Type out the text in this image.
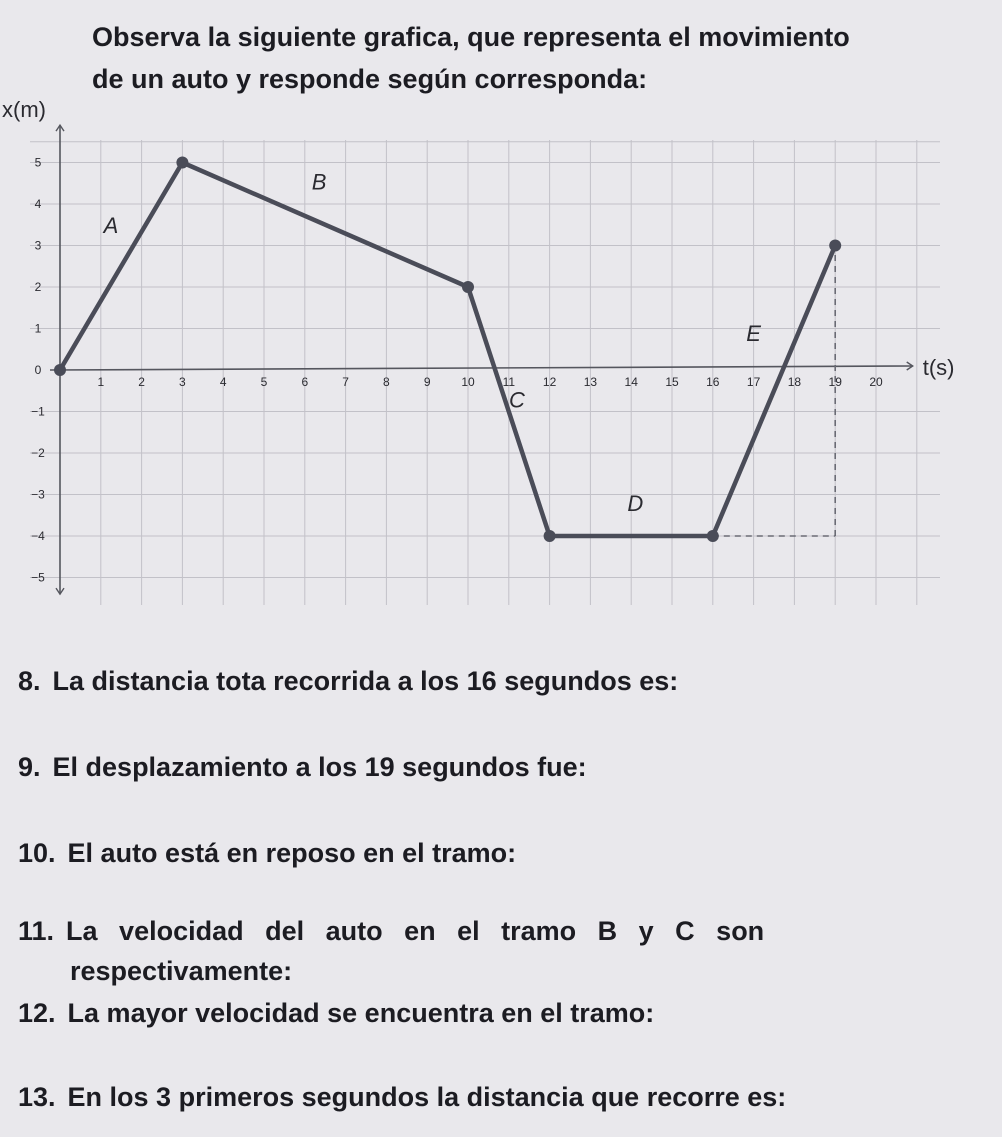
Observa la siguiente grafica, que representa el movimiento
de un auto y responde según corresponda:
x(m)
t(s)
1	2	3	4	5	6	7	8	9	10 11 12 13 14 15 16 17 18 19 20
5
4
3
2
1
0
−1
−2
−3
−4
−5
A
B
C
D
E
8. La distancia tota recorrida a los 16 segundos es:
9. El desplazamiento a los 19 segundos fue:
10. El auto está en reposo en el tramo:
11. La velocidad del auto en el tramo B y C son
respectivamente:
12. La mayor velocidad se encuentra en el tramo:
13. En los 3 primeros segundos la distancia que recorre es:
